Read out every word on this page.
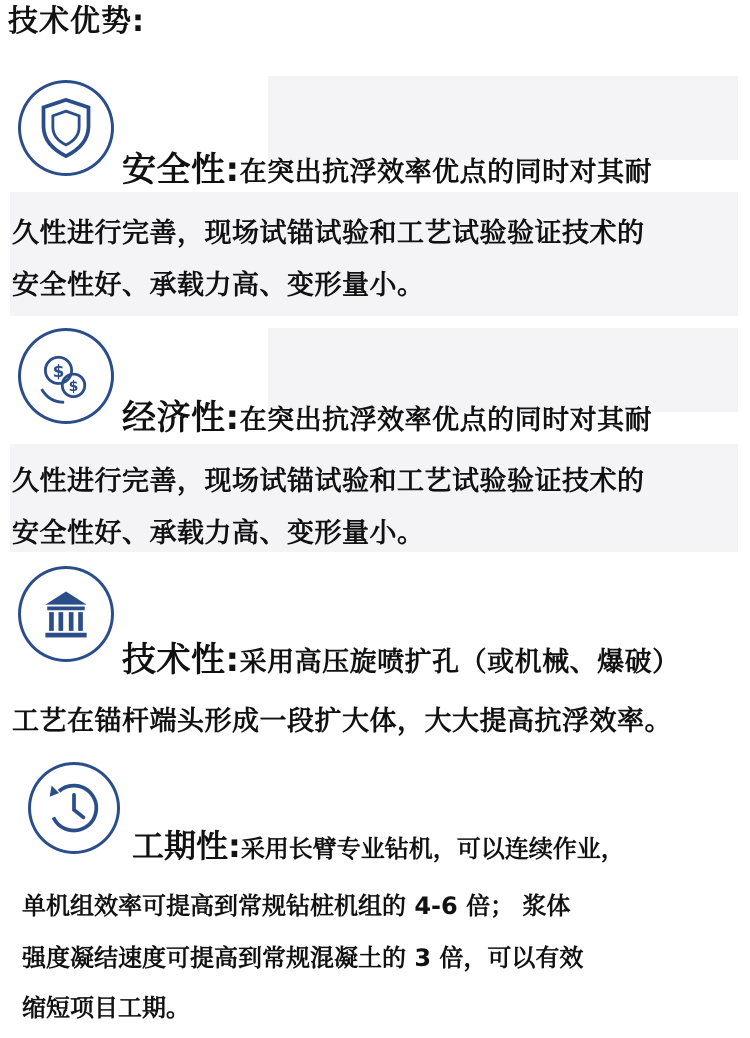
技术优势:
安全性:在突出抗浮效率优点的同时对其耐
久性进行完善，现场试锚试验和工艺试验验证技术的
安全性好、承载力高、变形量小。
$
$
经济性:在突出抗浮效率优点的同时对其耐
久性进行完善，现场试锚试验和工艺试验验证技术的
安全性好、承载力高、变形量小。
技术性:采用高压旋喷扩孔（或机械、爆破）
工艺在锚杆端头形成一段扩大体，大大提高抗浮效率。
工期性:采用长臂专业钻机，可以连续作业，
单机组效率可提高到常规钻桩机组的 4-6 倍； 浆体
强度凝结速度可提高到常规混凝土的 3 倍，可以有效
缩短项目工期。
